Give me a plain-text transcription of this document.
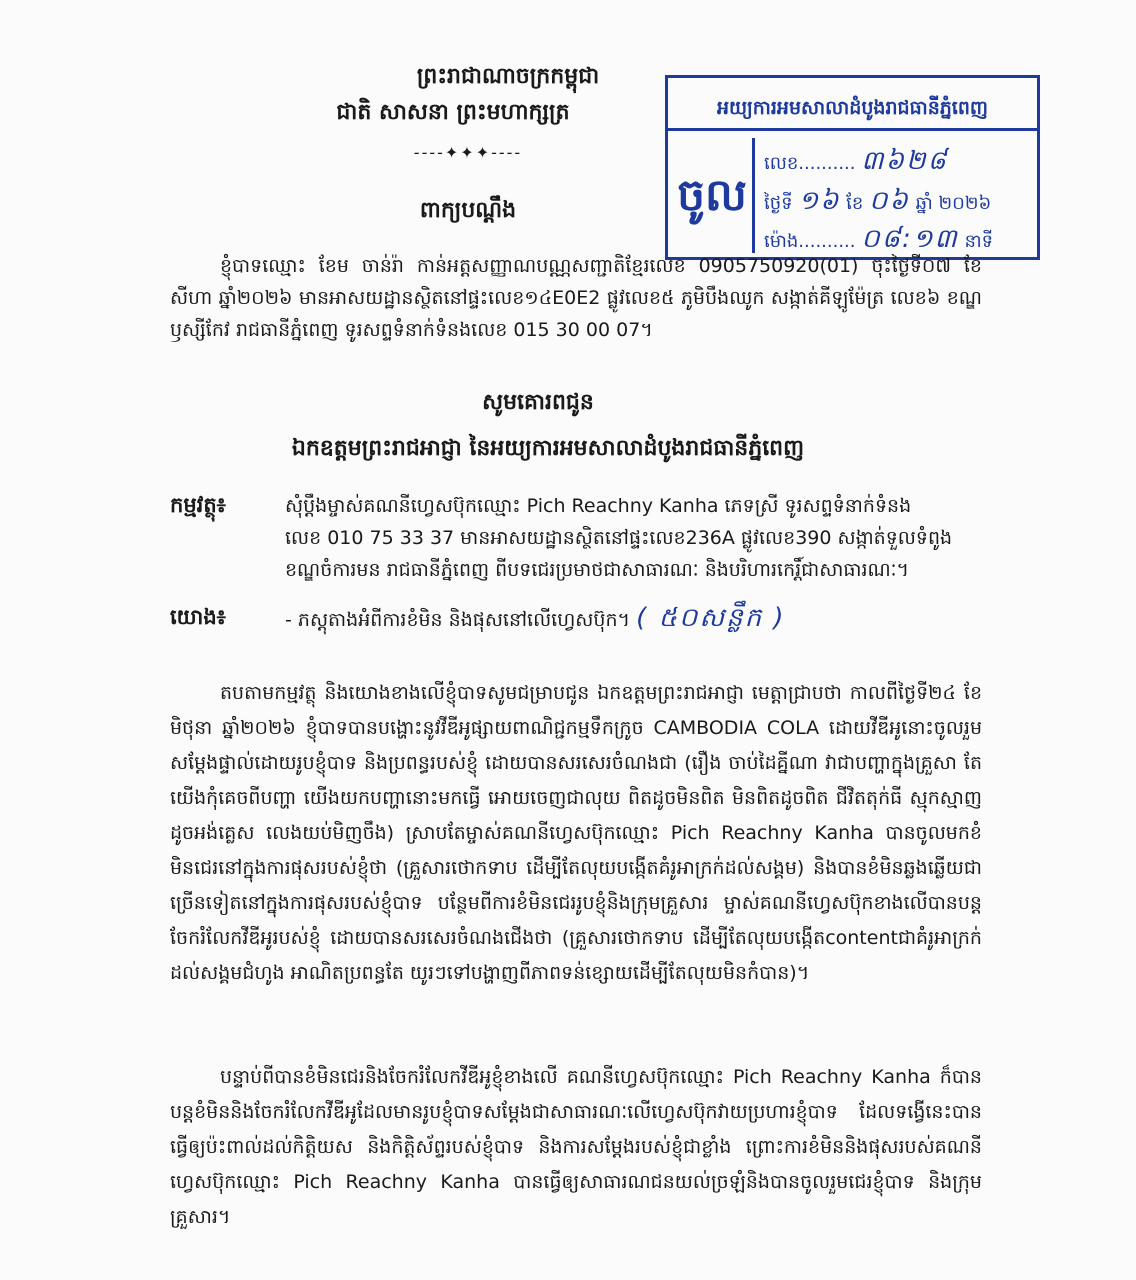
ព្រះរាជាណាចក្រកម្ពុជា
ជាតិ សាសនា ព្រះមហាក្សត្រ
----✦✦✦----
ពាក្យបណ្តឹង
អយ្យការអមសាលាដំបូងរាជធានីភ្នំពេញ
ចូល
លេខ.......... ៣៦២៨
ថ្ងៃទី ១៦ ខែ ០៦ ឆ្នាំ ២០២៦
ម៉ោង.......... ០៨:១៣ នាទី
ខ្ញុំបាទឈ្មោះ ខែម ចាន់រ៉ា កាន់អត្តសញ្ញាណបណ្ណសញ្ជាតិខ្មែរលេខ 0905750920(01) ចុះថ្ងៃទី០៧ ខែសីហា ឆ្នាំ២០២៦ មានអាសយដ្ឋានស្ថិតនៅផ្ទះលេខ១៤E0E2 ផ្លូវលេខ៥ ភូមិបឹងឈូក សង្កាត់គីឡូម៉ែត្រ លេខ៦ ខណ្ឌឫស្សីកែវ រាជធានីភ្នំពេញ ទូរសព្ទទំនាក់ទំនងលេខ 015 30 00 07។
សូមគោរពជូន
ឯកឧត្តមព្រះរាជអាជ្ញា នៃអយ្យការអមសាលាដំបូងរាជធានីភ្នំពេញ
កម្មវត្ថុ៖	សុំប្តឹងម្ចាស់គណនីហ្វេសប៊ុកឈ្មោះ Pich Reachny Kanha ភេទស្រី ទូរសព្ទទំនាក់ទំនង
លេខ 010 75 33 37 មានអាសយដ្ឋានស្ថិតនៅផ្ទះលេខ236A ផ្លូវលេខ390 សង្កាត់ទួលទំពូង
ខណ្ឌចំការមន រាជធានីភ្នំពេញ ពីបទជេរប្រមាថជាសាធារណៈ និងបរិហារកេរ្តិ៍ជាសាធារណៈ។
យោង៖	- ភស្តុតាងអំពីការខំមិន និងផុសនៅលើហ្វេសប៊ុក។ ( ៥០សន្លឹក )
តបតាមកម្មវត្ថុ និងយោងខាងលើខ្ញុំបាទសូមជម្រាបជូន ឯកឧត្តមព្រះរាជអាជ្ញា មេត្តាជ្រាបថា កាលពីថ្ងៃទី២៤ ខែមិថុនា ឆ្នាំ២០២៦ ខ្ញុំបាទបានបង្ហោះនូវវីឌីអូផ្សាយពាណិជ្ជកម្មទឹកក្រូច CAMBODIA COLA ដោយវីឌីអូនោះចូលរួមសម្តែងផ្ទាល់ដោយរូបខ្ញុំបាទ និងប្រពន្ធរបស់ខ្ញុំ ដោយបានសរសេរចំណងជា (រឿង ចាប់ដៃគ្នីណា វាជាបញ្ហាក្នុងគ្រួសា តែយើងកុំគេចពីបញ្ហា យើងយកបញ្ហានោះមកធ្វើ អោយចេញជាលុយ ពិតដូចមិនពិត មិនពិតដូចពិត ជីវិតតុក់ធី ស្មុកស្មាញ ដូចអង់គ្លេស លេងយប់មិញចឹង) ស្រាបតែម្ចាស់គណនីហ្វេសប៊ុកឈ្មោះ Pich Reachny Kanha បានចូលមកខំមិនជេរនៅក្នុងការផុសរបស់ខ្ញុំថា (គ្រួសារថោកទាប ដើម្បីតែលុយបង្កើតគំរូអាក្រក់ដល់សង្គម) និងបានខំមិនឆ្លងឆ្លើយជាច្រើនទៀតនៅក្នុងការផុសរបស់ខ្ញុំបាទ បន្ថែមពីការខំមិនជេររូបខ្ញុំនិងក្រុមគ្រួសារ ម្ចាស់គណនីហ្វេសប៊ុកខាងលើបានបន្តចែករំលែកវីឌីអូរបស់ខ្ញុំ ដោយបានសរសេរចំណងជើងថា (គ្រួសារថោកទាប ដើម្បីតែលុយបង្កើតcontentជាគំរូអាក្រក់ដល់សង្គមជំហូង អាណិតប្រពន្ធតែ យូរៗទៅបង្ហាញពីភាពទន់ខ្សោយដើម្បីតែលុយមិនកំបាន)។
បន្ទាប់ពីបានខំមិនជេរនិងចែករំលែកវីឌីអូខ្ញុំខាងលើ គណនីហ្វេសប៊ុកឈ្មោះ Pich Reachny Kanha ក៏បានបន្តខំមិននិងចែករំលែកវីឌីអូដែលមានរូបខ្ញុំបាទសម្តែងជាសាធារណៈលើហ្វេសប៊ុកវាយប្រហារខ្ញុំបាទ ដែលទង្វើនេះបានធ្វើឲ្យប៉ះពាល់ដល់កិត្តិយស និងកិត្តិស័ព្ទរបស់ខ្ញុំបាទ និងការសម្តែងរបស់ខ្ញុំជាខ្លាំង ព្រោះការខំមិននិងផុសរបស់គណនីហ្វេសប៊ុកឈ្មោះ Pich Reachny Kanha បានធ្វើឲ្យសាធារណជនយល់ច្រឡំនិងបានចូលរួមជេរខ្ញុំបាទ និងក្រុមគ្រួសារ។
